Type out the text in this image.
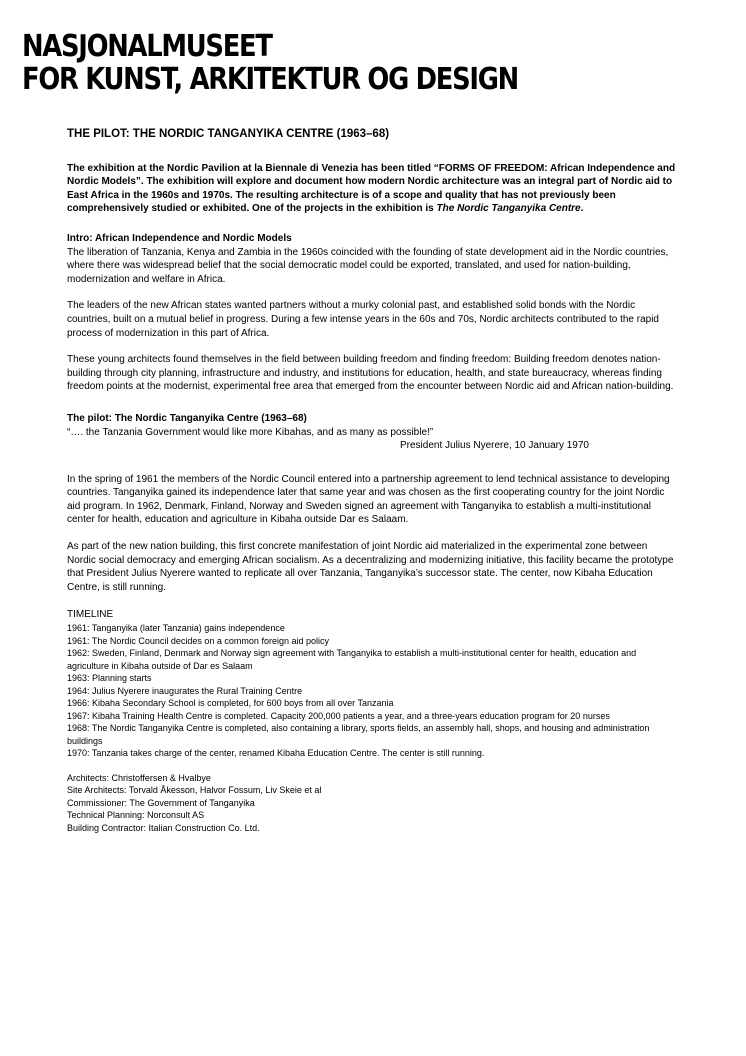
NASJONALMUSEET
FOR KUNST, ARKITEKTUR OG DESIGN
THE PILOT: THE NORDIC TANGANYIKA CENTRE (1963–68)

The exhibition at the Nordic Pavilion at la Biennale di Venezia has been titled “FORMS OF FREEDOM: African Independence and Nordic Models”. The exhibition will explore and document how modern Nordic architecture was an integral part of Nordic aid to East Africa in the 1960s and 1970s. The resulting architecture is of a scope and quality that has not previously been comprehensively studied or exhibited. One of the projects in the exhibition is The Nordic Tanganyika Centre.

Intro: African Independence and Nordic Models

The liberation of Tanzania, Kenya and Zambia in the 1960s coincided with the founding of state development aid in the Nordic countries, where there was widespread belief that the social democratic model could be exported, translated, and used for nation-building, modernization and welfare in Africa.

The leaders of the new African states wanted partners without a murky colonial past, and established solid bonds with the Nordic countries, built on a mutual belief in progress. During a few intense years in the 60s and 70s, Nordic architects contributed to the rapid process of modernization in this part of Africa.

These young architects found themselves in the field between building freedom and finding freedom: Building freedom denotes nation-building through city planning, infrastructure and industry, and institutions for education, health, and state bureaucracy, whereas finding freedom points at the modernist, experimental free area that emerged from the encounter between Nordic aid and African nation-building.

The pilot: The Nordic Tanganyika Centre (1963–68)
“…. the Tanzania Government would like more Kibahas, and as many as possible!”
President Julius Nyerere, 10 January 1970

In the spring of 1961 the members of the Nordic Council entered into a partnership agreement to lend technical assistance to developing countries. Tanganyika gained its independence later that same year and was chosen as the first cooperating country for the joint Nordic aid program. In 1962, Denmark, Finland, Norway and Sweden signed an agreement with Tanganyika to establish a multi-institutional center for health, education and agriculture in Kibaha outside Dar es Salaam.

As part of the new nation building, this first concrete manifestation of joint Nordic aid materialized in the experimental zone between Nordic social democracy and emerging African socialism. As a decentralizing and modernizing initiative, this facility became the prototype that President Julius Nyerere wanted to replicate all over Tanzania, Tanganyika’s successor state. The center, now Kibaha Education Centre, is still running.

TIMELINE
1961: Tanganyika (later Tanzania) gains independence
1961: The Nordic Council decides on a common foreign aid policy
1962: Sweden, Finland, Denmark and Norway sign agreement with Tanganyika to establish a multi-institutional center for health, education and agriculture in Kibaha outside of Dar es Salaam
1963: Planning starts
1964: Julius Nyerere inaugurates the Rural Training Centre
1966: Kibaha Secondary School is completed, for 600 boys from all over Tanzania
1967: Kibaha Training Health Centre is completed. Capacity 200,000 patients a year, and a three-years education program for 20 nurses
1968: The Nordic Tanganyika Centre is completed, also containing a library, sports fields, an assembly hall, shops, and housing and administration buildings
1970: Tanzania takes charge of the center, renamed Kibaha Education Centre. The center is still running.
Architects: Christoffersen & Hvalbye
Site Architects: Torvald Åkesson, Halvor Fossum, Liv Skeie et al
Commissioner: The Government of Tanganyika
Technical Planning: Norconsult AS
Building Contractor: Italian Construction Co. Ltd.
